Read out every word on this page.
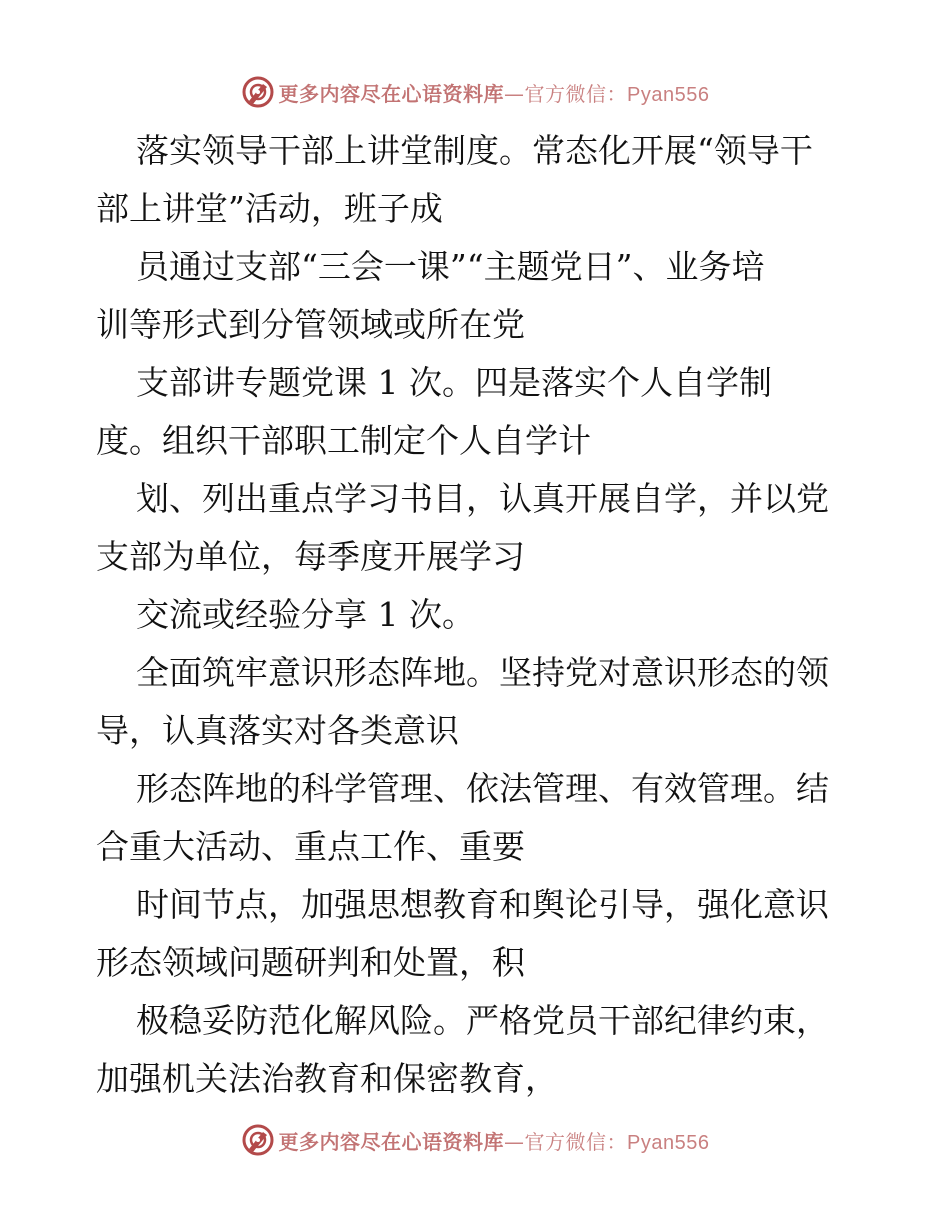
更多内容尽在心语资料库—官方微信：Pyan556
落实领导干部上讲堂制度。常态化开展“领导干
部上讲堂”活动，班子成
员通过支部“三会一课”“主题党日”、业务培
训等形式到分管领域或所在党
支部讲专题党课 1 次。四是落实个人自学制
度。组织干部职工制定个人自学计
划、列出重点学习书目，认真开展自学，并以党
支部为单位，每季度开展学习
交流或经验分享 1 次。
全面筑牢意识形态阵地。坚持党对意识形态的领
导，认真落实对各类意识
形态阵地的科学管理、依法管理、有效管理。结
合重大活动、重点工作、重要
时间节点，加强思想教育和舆论引导，强化意识
形态领域问题研判和处置，积
极稳妥防范化解风险。严格党员干部纪律约束，
加强机关法治教育和保密教育，
更多内容尽在心语资料库—官方微信：Pyan556
